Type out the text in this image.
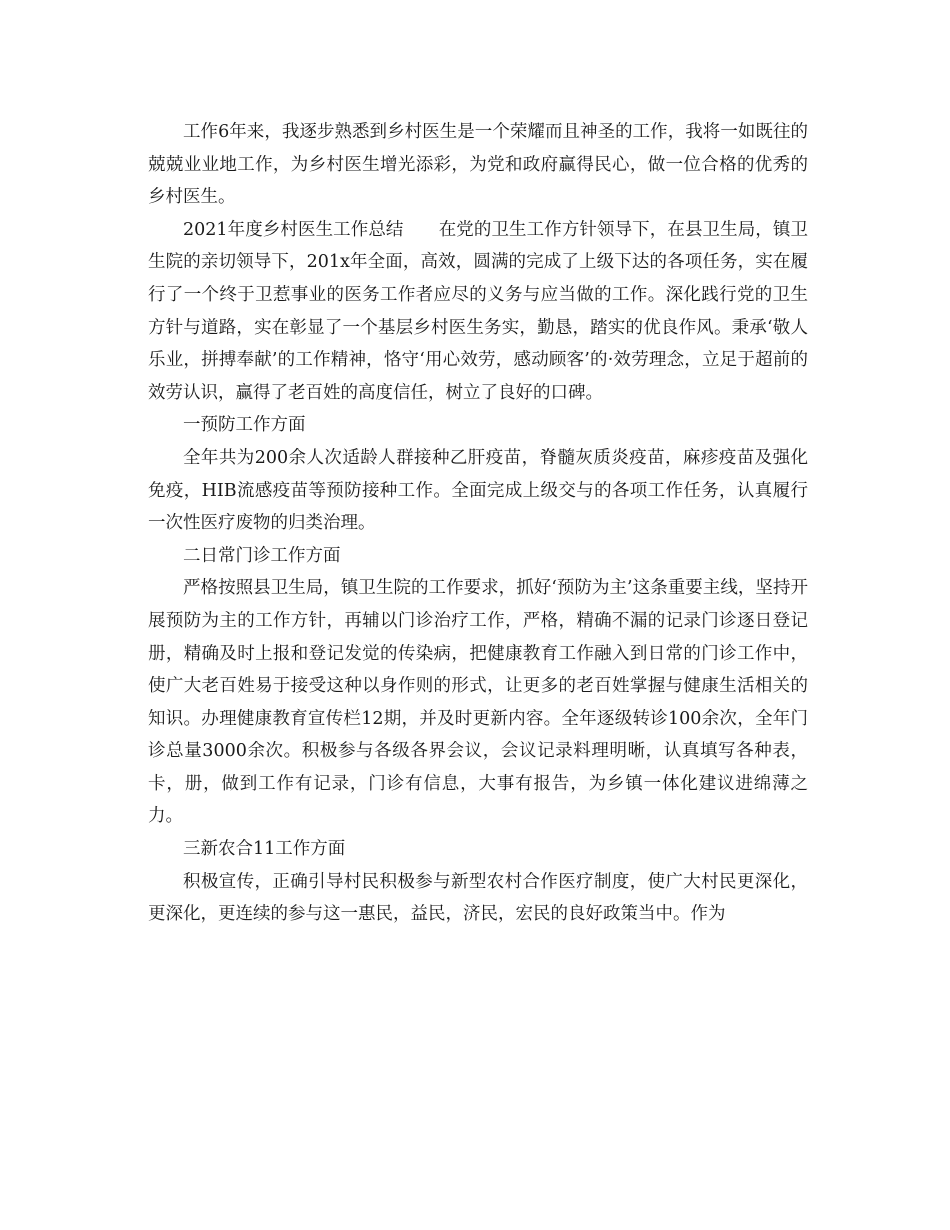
工作6年来，我逐步熟悉到乡村医生是一个荣耀而且神圣的工作，我将一如既往的兢兢业业地工作，为乡村医生增光添彩，为党和政府赢得民心，做一位合格的优秀的乡村医生。

2021年度乡村医生工作总结　　在党的卫生工作方针领导下，在县卫生局，镇卫生院的亲切领导下，201x年全面，高效，圆满的完成了上级下达的各项任务，实在履行了一个终于卫惹事业的医务工作者应尽的义务与应当做的工作。深化践行党的卫生方针与道路，实在彰显了一个基层乡村医生务实，勤恳，踏实的优良作风。秉承‘敬人乐业，拼搏奉献’的工作精神，恪守‘用心效劳，感动顾客’的·效劳理念，立足于超前的效劳认识，赢得了老百姓的高度信任，树立了良好的口碑。

一预防工作方面

全年共为200余人次适龄人群接种乙肝疫苗，脊髓灰质炎疫苗，麻疹疫苗及强化免疫，HIB流感疫苗等预防接种工作。全面完成上级交与的各项工作任务，认真履行一次性医疗废物的归类治理。

二日常门诊工作方面

严格按照县卫生局，镇卫生院的工作要求，抓好‘预防为主’这条重要主线，坚持开展预防为主的工作方针，再辅以门诊治疗工作，严格，精确不漏的记录门诊逐日登记册，精确及时上报和登记发觉的传染病，把健康教育工作融入到日常的门诊工作中，使广大老百姓易于接受这种以身作则的形式，让更多的老百姓掌握与健康生活相关的知识。办理健康教育宣传栏12期，并及时更新内容。全年逐级转诊100余次，全年门诊总量3000余次。积极参与各级各界会议，会议记录料理明晰，认真填写各种表，卡，册，做到工作有记录，门诊有信息，大事有报告，为乡镇一体化建议进绵薄之力。

三新农合11工作方面

积极宣传，正确引导村民积极参与新型农村合作医疗制度，使广大村民更深化，更深化，更连续的参与这一惠民，益民，济民，宏民的良好政策当中。作为
